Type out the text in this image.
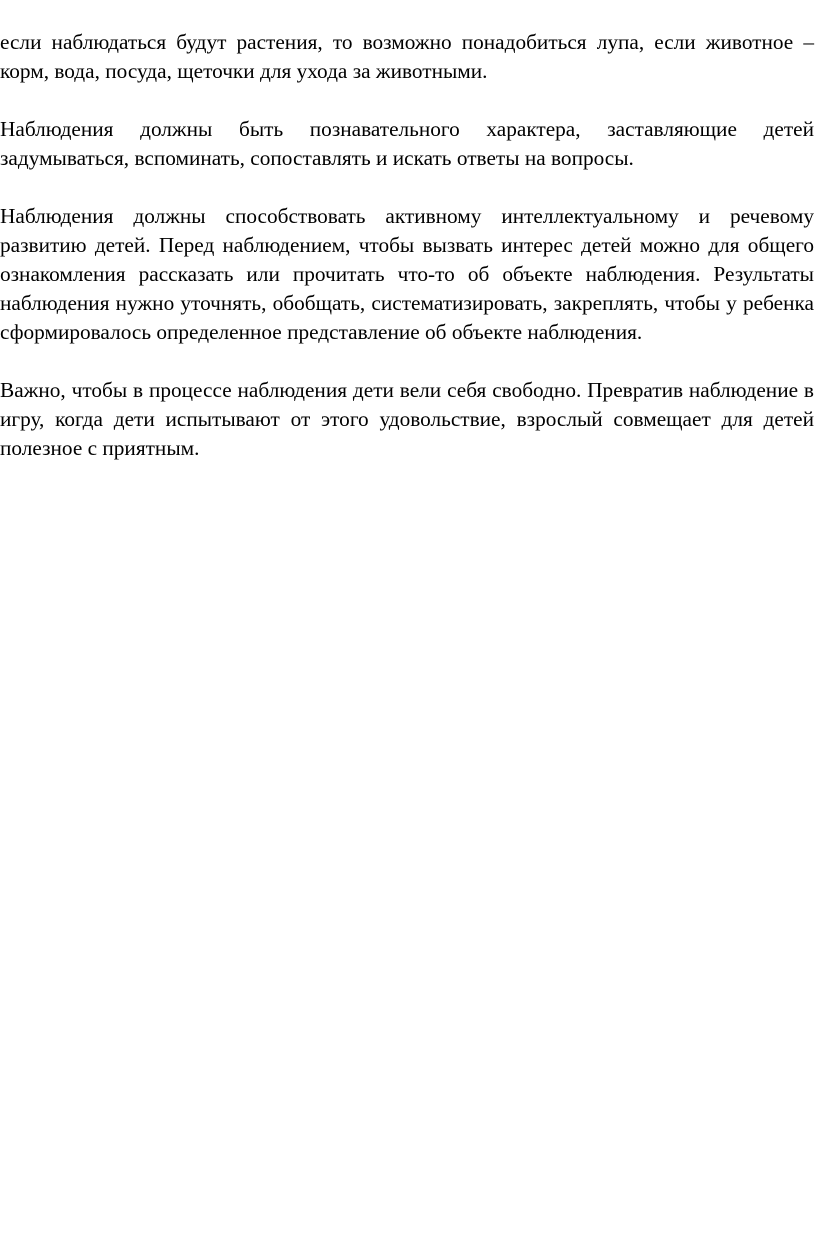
если наблюдаться будут растения, то возможно понадобиться лупа, если животное – корм, вода, посуда, щеточки для ухода за животными.

Наблюдения должны быть познавательного характера, заставляющие детей задумываться, вспоминать, сопоставлять и искать ответы на вопросы.

Наблюдения должны способствовать активному интеллектуальному и речевому развитию детей. Перед наблюдением, чтобы вызвать интерес детей можно для общего ознакомления рассказать или прочитать что-то об объекте наблюдения. Результаты наблюдения нужно уточнять, обобщать, систематизировать, закреплять, чтобы у ребенка сформировалось определенное представление об объекте наблюдения.

Важно, чтобы в процессе наблюдения дети вели себя свободно. Превратив наблюдение в игру, когда дети испытывают от этого удовольствие, взрослый совмещает для детей полезное с приятным.
